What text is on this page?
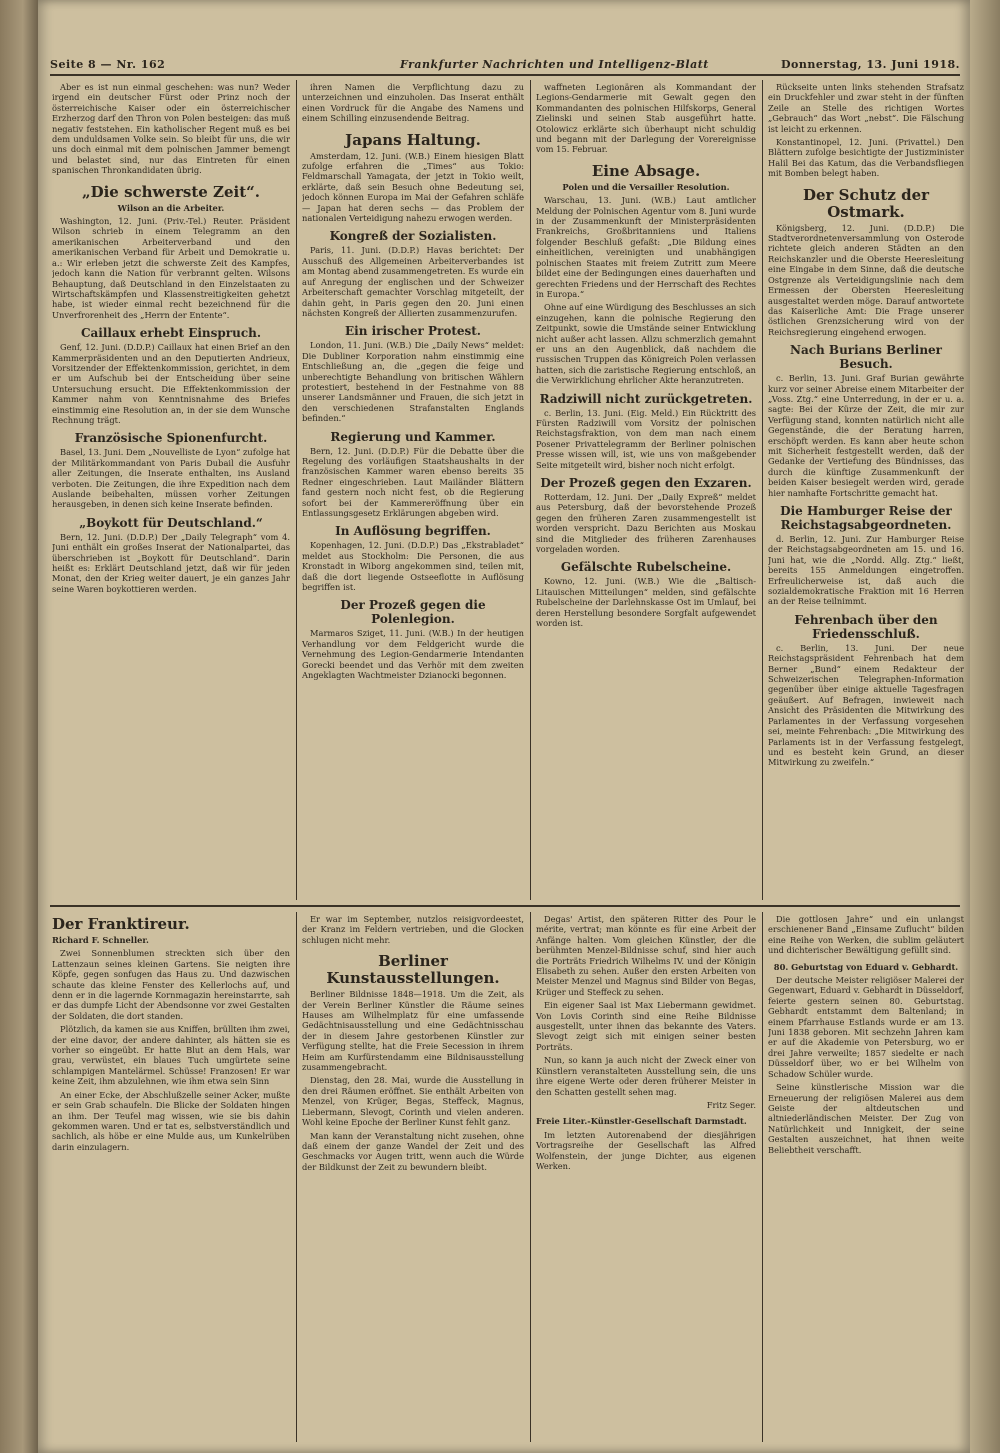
Seite 8 — Nr. 162	Frankfurter Nachrichten und Intelligenz-Blatt	Donnerstag, 13. Juni 1918.

Aber es ist nun einmal geschehen: was nun? Weder irgend ein deutscher Fürst oder Prinz noch der österreichische Kaiser oder ein österreichischer Erzherzog darf den Thron von Polen besteigen: das muß negativ feststehen. Ein katholischer Regent muß es bei dem unduldsamen Volke sein. So bleibt für uns, die wir uns doch einmal mit dem polnischen Jammer bemengt und belastet sind, nur das Eintreten für einen spanischen Thronkandidaten übrig.

„Die schwerste Zeit“.
Wilson an die Arbeiter.

Washington, 12. Juni. (Priv.-Tel.) Reuter. Präsident Wilson schrieb in einem Telegramm an den amerikanischen Arbeiterverband und den amerikanischen Verband für Arbeit und Demokratie u. a.: Wir erleben jetzt die schwerste Zeit des Kampfes, jedoch kann die Nation für verbrannt gelten. Wilsons Behauptung, daß Deutschland in den Einzelstaaten zu Wirtschaftskämpfen und Klassenstreitigkeiten gehetzt habe, ist wieder einmal recht bezeichnend für die Unverfrorenheit des „Herrn der Entente“.

Caillaux erhebt Einspruch.

Genf, 12. Juni. (D.D.P.) Caillaux hat einen Brief an den Kammerpräsidenten und an den Deputierten Andrieux, Vorsitzender der Effektenkommission, gerichtet, in dem er um Aufschub bei der Entscheidung über seine Untersuchung ersucht. Die Effektenkommission der Kammer nahm von Kenntnisnahme des Briefes einstimmig eine Resolution an, in der sie dem Wunsche Rechnung trägt.

Französische Spionenfurcht.

Basel, 13. Juni. Dem „Nouvelliste de Lyon“ zufolge hat der Militärkommandant von Paris Dubail die Ausfuhr aller Zeitungen, die Inserate enthalten, ins Ausland verboten. Die Zeitungen, die ihre Expedition nach dem Auslande beibehalten, müssen vorher Zeitungen herausgeben, in denen sich keine Inserate befinden.

„Boykott für Deutschland.“

Bern, 12. Juni. (D.D.P.) Der „Daily Telegraph“ vom 4. Juni enthält ein großes Inserat der Nationalpartei, das überschrieben ist „Boykott für Deutschland“. Darin heißt es: Erklärt Deutschland jetzt, daß wir für jeden Monat, den der Krieg weiter dauert, je ein ganzes Jahr seine Waren boykottieren werden.

ihren Namen die Verpflichtung dazu zu unterzeichnen und einzuholen. Das Inserat enthält einen Vordruck für die Angabe des Namens und einem Schilling einzusendende Beitrag.

Japans Haltung.

Amsterdam, 12. Juni. (W.B.) Einem hiesigen Blatt zufolge erfahren die „Times“ aus Tokio: Feldmarschall Yamagata, der jetzt in Tokio weilt, erklärte, daß sein Besuch ohne Bedeutung sei, jedoch können Europa im Mai der Gefahren schläfe — Japan hat deren sechs — das Problem der nationalen Verteidigung nahezu erwogen werden.

Kongreß der Sozialisten.

Paris, 11. Juni. (D.D.P.) Havas berichtet: Der Ausschuß des Allgemeinen Arbeiterverbandes ist am Montag abend zusammengetreten. Es wurde ein auf Anregung der englischen und der Schweizer Arbeiterschaft gemachter Vorschlag mitgeteilt, der dahin geht, in Paris gegen den 20. Juni einen nächsten Kongreß der Allierten zusammenzurufen.

Ein irischer Protest.

London, 11. Juni. (W.B.) Die „Daily News“ meldet: Die Dubliner Korporation nahm einstimmig eine Entschließung an, die „gegen die feige und unberechtigte Behandlung von britischen Wählern protestiert, bestehend in der Festnahme von 88 unserer Landsmänner und Frauen, die sich jetzt in den verschiedenen Strafanstalten Englands befinden.“

Regierung und Kammer.

Bern, 12. Juni. (D.D.P.) Für die Debatte über die Regelung des vorläufigen Staatshaushalts in der französischen Kammer waren ebenso bereits 35 Redner eingeschrieben. Laut Mailänder Blättern fand gestern noch nicht fest, ob die Regierung sofort bei der Kammereröffnung über ein Entlassungsgesetz Erklärungen abgeben wird.

In Auflösung begriffen.

Kopenhagen, 12. Juni. (D.D.P.) Das „Ekstrabladet“ meldet aus Stockholm: Die Personen, die aus Kronstadt in Wiborg angekommen sind, teilen mit, daß die dort liegende Ostseeflotte in Auflösung begriffen ist.

Der Prozeß gegen die Polenlegion.

Marmaros Sziget, 11. Juni. (W.B.) In der heutigen Verhandlung vor dem Feldgericht wurde die Vernehmung des Legion-Gendarmerie Intendanten Gorecki beendet und das Verhör mit dem zweiten Angeklagten Wachtmeister Dzianocki begonnen.

waffneten Legionären als Kommandant der Legions-Gendarmerie mit Gewalt gegen den Kommandanten des polnischen Hilfskorps, General Zielinski und seinen Stab ausgeführt hatte. Otolowicz erklärte sich überhaupt nicht schuldig und begann mit der Darlegung der Vorereignisse vom 15. Februar.

Eine Absage.
Polen und die Versailler Resolution.

Warschau, 13. Juni. (W.B.) Laut amtlicher Meldung der Polnischen Agentur vom 8. Juni wurde in der Zusammenkunft der Ministerpräsidenten Frankreichs, Großbritanniens und Italiens folgender Beschluß gefaßt: „Die Bildung eines einheitlichen, vereinigten und unabhängigen polnischen Staates mit freiem Zutritt zum Meere bildet eine der Bedingungen eines dauerhaften und gerechten Friedens und der Herrschaft des Rechtes in Europa.“

Ohne auf eine Würdigung des Beschlusses an sich einzugehen, kann die polnische Regierung den Zeitpunkt, sowie die Umstände seiner Entwicklung nicht außer acht lassen. Allzu schmerzlich gemahnt er uns an den Augenblick, daß nachdem die russischen Truppen das Königreich Polen verlassen hatten, sich die zaristische Regierung entschloß, an die Verwirklichung ehrlicher Akte heranzutreten.

Radziwill nicht zurückgetreten.

c. Berlin, 13. Juni. (Eig. Meld.) Ein Rücktritt des Fürsten Radziwill vom Vorsitz der polnischen Reichstagsfraktion, von dem man nach einem Posener Privattelegramm der Berliner polnischen Presse wissen will, ist, wie uns von maßgebender Seite mitgeteilt wird, bisher noch nicht erfolgt.

Der Prozeß gegen den Exzaren.

Rotterdam, 12. Juni. Der „Daily Expreß“ meldet aus Petersburg, daß der bevorstehende Prozeß gegen den früheren Zaren zusammengestellt ist worden verspricht. Dazu Berichten aus Moskau sind die Mitglieder des früheren Zarenhauses vorgeladen worden.

Gefälschte Rubelscheine.

Kowno, 12. Juni. (W.B.) Wie die „Baltisch-Litauischen Mitteilungen“ melden, sind gefälschte Rubelscheine der Darlehnskasse Ost im Umlauf, bei deren Herstellung besondere Sorgfalt aufgewendet worden ist.

Rückseite unten links stehenden Strafsatz ein Druckfehler und zwar steht in der fünften Zeile an Stelle des richtigen Wortes „Gebrauch“ das Wort „nebst“. Die Fälschung ist leicht zu erkennen.

Konstantinopel, 12. Juni. (Privattel.) Den Blättern zufolge besichtigte der Justizminister Halil Bei das Katum, das die Verbandsfliegen mit Bomben belegt haben.

Der Schutz der Ostmark.

Königsberg, 12. Juni. (D.D.P.) Die Stadtverordnetenversammlung von Osterode richtete gleich anderen Städten an den Reichskanzler und die Oberste Heeresleitung eine Eingabe in dem Sinne, daß die deutsche Ostgrenze als Verteidigungslinie nach dem Ermessen der Obersten Heeresleitung ausgestaltet werden möge. Darauf antwortete das Kaiserliche Amt: Die Frage unserer östlichen Grenzsicherung wird von der Reichsregierung eingehend erwogen.

Nach Burians Berliner Besuch.

c. Berlin, 13. Juni. Graf Burian gewährte kurz vor seiner Abreise einem Mitarbeiter der „Voss. Ztg.“ eine Unterredung, in der er u. a. sagte: Bei der Kürze der Zeit, die mir zur Verfügung stand, konnten natürlich nicht alle Gegenstände, die der Beratung harren, erschöpft werden. Es kann aber heute schon mit Sicherheit festgestellt werden, daß der Gedanke der Vertiefung des Bündnisses, das durch die künftige Zusammenkunft der beiden Kaiser besiegelt werden wird, gerade hier namhafte Fortschritte gemacht hat.

Die Hamburger Reise der Reichstagsabgeordneten.

d. Berlin, 12. Juni. Zur Hamburger Reise der Reichstagsabgeordneten am 15. und 16. Juni hat, wie die „Nordd. Allg. Ztg.“ ließt, bereits 155 Anmeldungen eingetroffen. Erfreulicherweise ist, daß auch die sozialdemokratische Fraktion mit 16 Herren an der Reise teilnimmt.

Fehrenbach über den Friedensschluß.

c. Berlin, 13. Juni. Der neue Reichstagspräsident Fehrenbach hat dem Berner „Bund“ einem Redakteur der Schweizerischen Telegraphen-Information gegenüber über einige aktuelle Tagesfragen geäußert. Auf Befragen, inwieweit nach Ansicht des Präsidenten die Mitwirkung des Parlamentes in der Verfassung vorgesehen sei, meinte Fehrenbach: „Die Mitwirkung des Parlaments ist in der Verfassung festgelegt, und es besteht kein Grund, an dieser Mitwirkung zu zweifeln.“

Der Franktireur.
Richard F. Schneller.

Zwei Sonnenblumen streckten sich über den Lattenzaun seines kleinen Gartens. Sie neigten ihre Köpfe, gegen sonfugen das Haus zu. Und dazwischen schaute das kleine Fenster des Kellerlochs auf, und denn er in die lagernde Kornmagazin hereinstarrte, sah er das dumpfe Licht der Abendsonne vor zwei Gestalten der Soldaten, die dort standen.

Plötzlich, da kamen sie aus Kniffen, brüllten ihm zwei, der eine davor, der andere dahinter, als hätten sie es vorher so eingeübt. Er hatte Blut an dem Hals, war grau, verwüstet, ein blaues Tuch umgürtete seine schlampigen Mantelärmel. Schüsse! Franzosen! Er war keine Zeit, ihm abzulehnen, wie ihm etwa sein Sinn

An einer Ecke, der Abschlußzelle seiner Acker, mußte er sein Grab schaufeln. Die Blicke der Soldaten hingen an ihm. Der Teufel mag wissen, wie sie bis dahin gekommen waren. Und er tat es, selbstverständlich und sachlich, als höbe er eine Mulde aus, um Kunkelrüben darin einzulagern.

Er war im September, nutzlos reisigvordeestet, der Kranz im Feldern vertrieben, und die Glocken schlugen nicht mehr.

Berliner Kunstausstellungen.

Berliner Bildnisse 1848—1918. Um die Zeit, als der Verein Berliner Künstler die Räume seines Hauses am Wilhelmplatz für eine umfassende Gedächtnisausstellung und eine Gedächtnisschau der in diesem Jahre gestorbenen Künstler zur Verfügung stellte, hat die Freie Secession in ihrem Heim am Kurfürstendamm eine Bildnisausstellung zusammengebracht.

Dienstag, den 28. Mai, wurde die Ausstellung in den drei Räumen eröffnet. Sie enthält Arbeiten von Menzel, von Krüger, Begas, Steffeck, Magnus, Liebermann, Slevogt, Corinth und vielen anderen. Wohl keine Epoche der Berliner Kunst fehlt ganz.

Man kann der Veranstaltung nicht zusehen, ohne daß einem der ganze Wandel der Zeit und des Geschmacks vor Augen tritt, wenn auch die Würde der Bildkunst der Zeit zu bewundern bleibt.

Degas' Artist, den späteren Ritter des Pour le mérite, vertrat; man könnte es für eine Arbeit der Anfänge halten. Vom gleichen Künstler, der die berühmten Menzel-Bildnisse schuf, sind hier auch die Porträts Friedrich Wilhelms IV. und der Königin Elisabeth zu sehen. Außer den ersten Arbeiten von Meister Menzel und Magnus sind Bilder von Begas, Krüger und Steffeck zu sehen.

Ein eigener Saal ist Max Liebermann gewidmet. Von Lovis Corinth sind eine Reihe Bildnisse ausgestellt, unter ihnen das bekannte des Vaters. Slevogt zeigt sich mit einigen seiner besten Porträts.

Nun, so kann ja auch nicht der Zweck einer von Künstlern veranstalteten Ausstellung sein, die uns ihre eigene Werte oder deren früherer Meister in den Schatten gestellt sehen mag.

Fritz Seger.
Freie Liter.-Künstler-Gesellschaft Darmstadt.

Im letzten Autorenabend der diesjährigen Vortragsreihe der Gesellschaft las Alfred Wolfenstein, der junge Dichter, aus eigenen Werken.

Die gottlosen Jahre“ und ein unlangst erschienener Band „Einsame Zuflucht“ bilden eine Reihe von Werken, die sublim geläutert und dichterischer Bewältigung gefüllt sind.

80. Geburtstag von Eduard v. Gebhardt.

Der deutsche Meister religiöser Malerei der Gegenwart, Eduard v. Gebhardt in Düsseldorf, feierte gestern seinen 80. Geburtstag. Gebhardt entstammt dem Baltenland; in einem Pfarrhause Estlands wurde er am 13. Juni 1838 geboren. Mit sechzehn Jahren kam er auf die Akademie von Petersburg, wo er drei Jahre verweilte; 1857 siedelte er nach Düsseldorf über, wo er bei Wilhelm von Schadow Schüler wurde.

Seine künstlerische Mission war die Erneuerung der religiösen Malerei aus dem Geiste der altdeutschen und altniederländischen Meister. Der Zug von Natürlichkeit und Innigkeit, der seine Gestalten auszeichnet, hat ihnen weite Beliebtheit verschafft.
